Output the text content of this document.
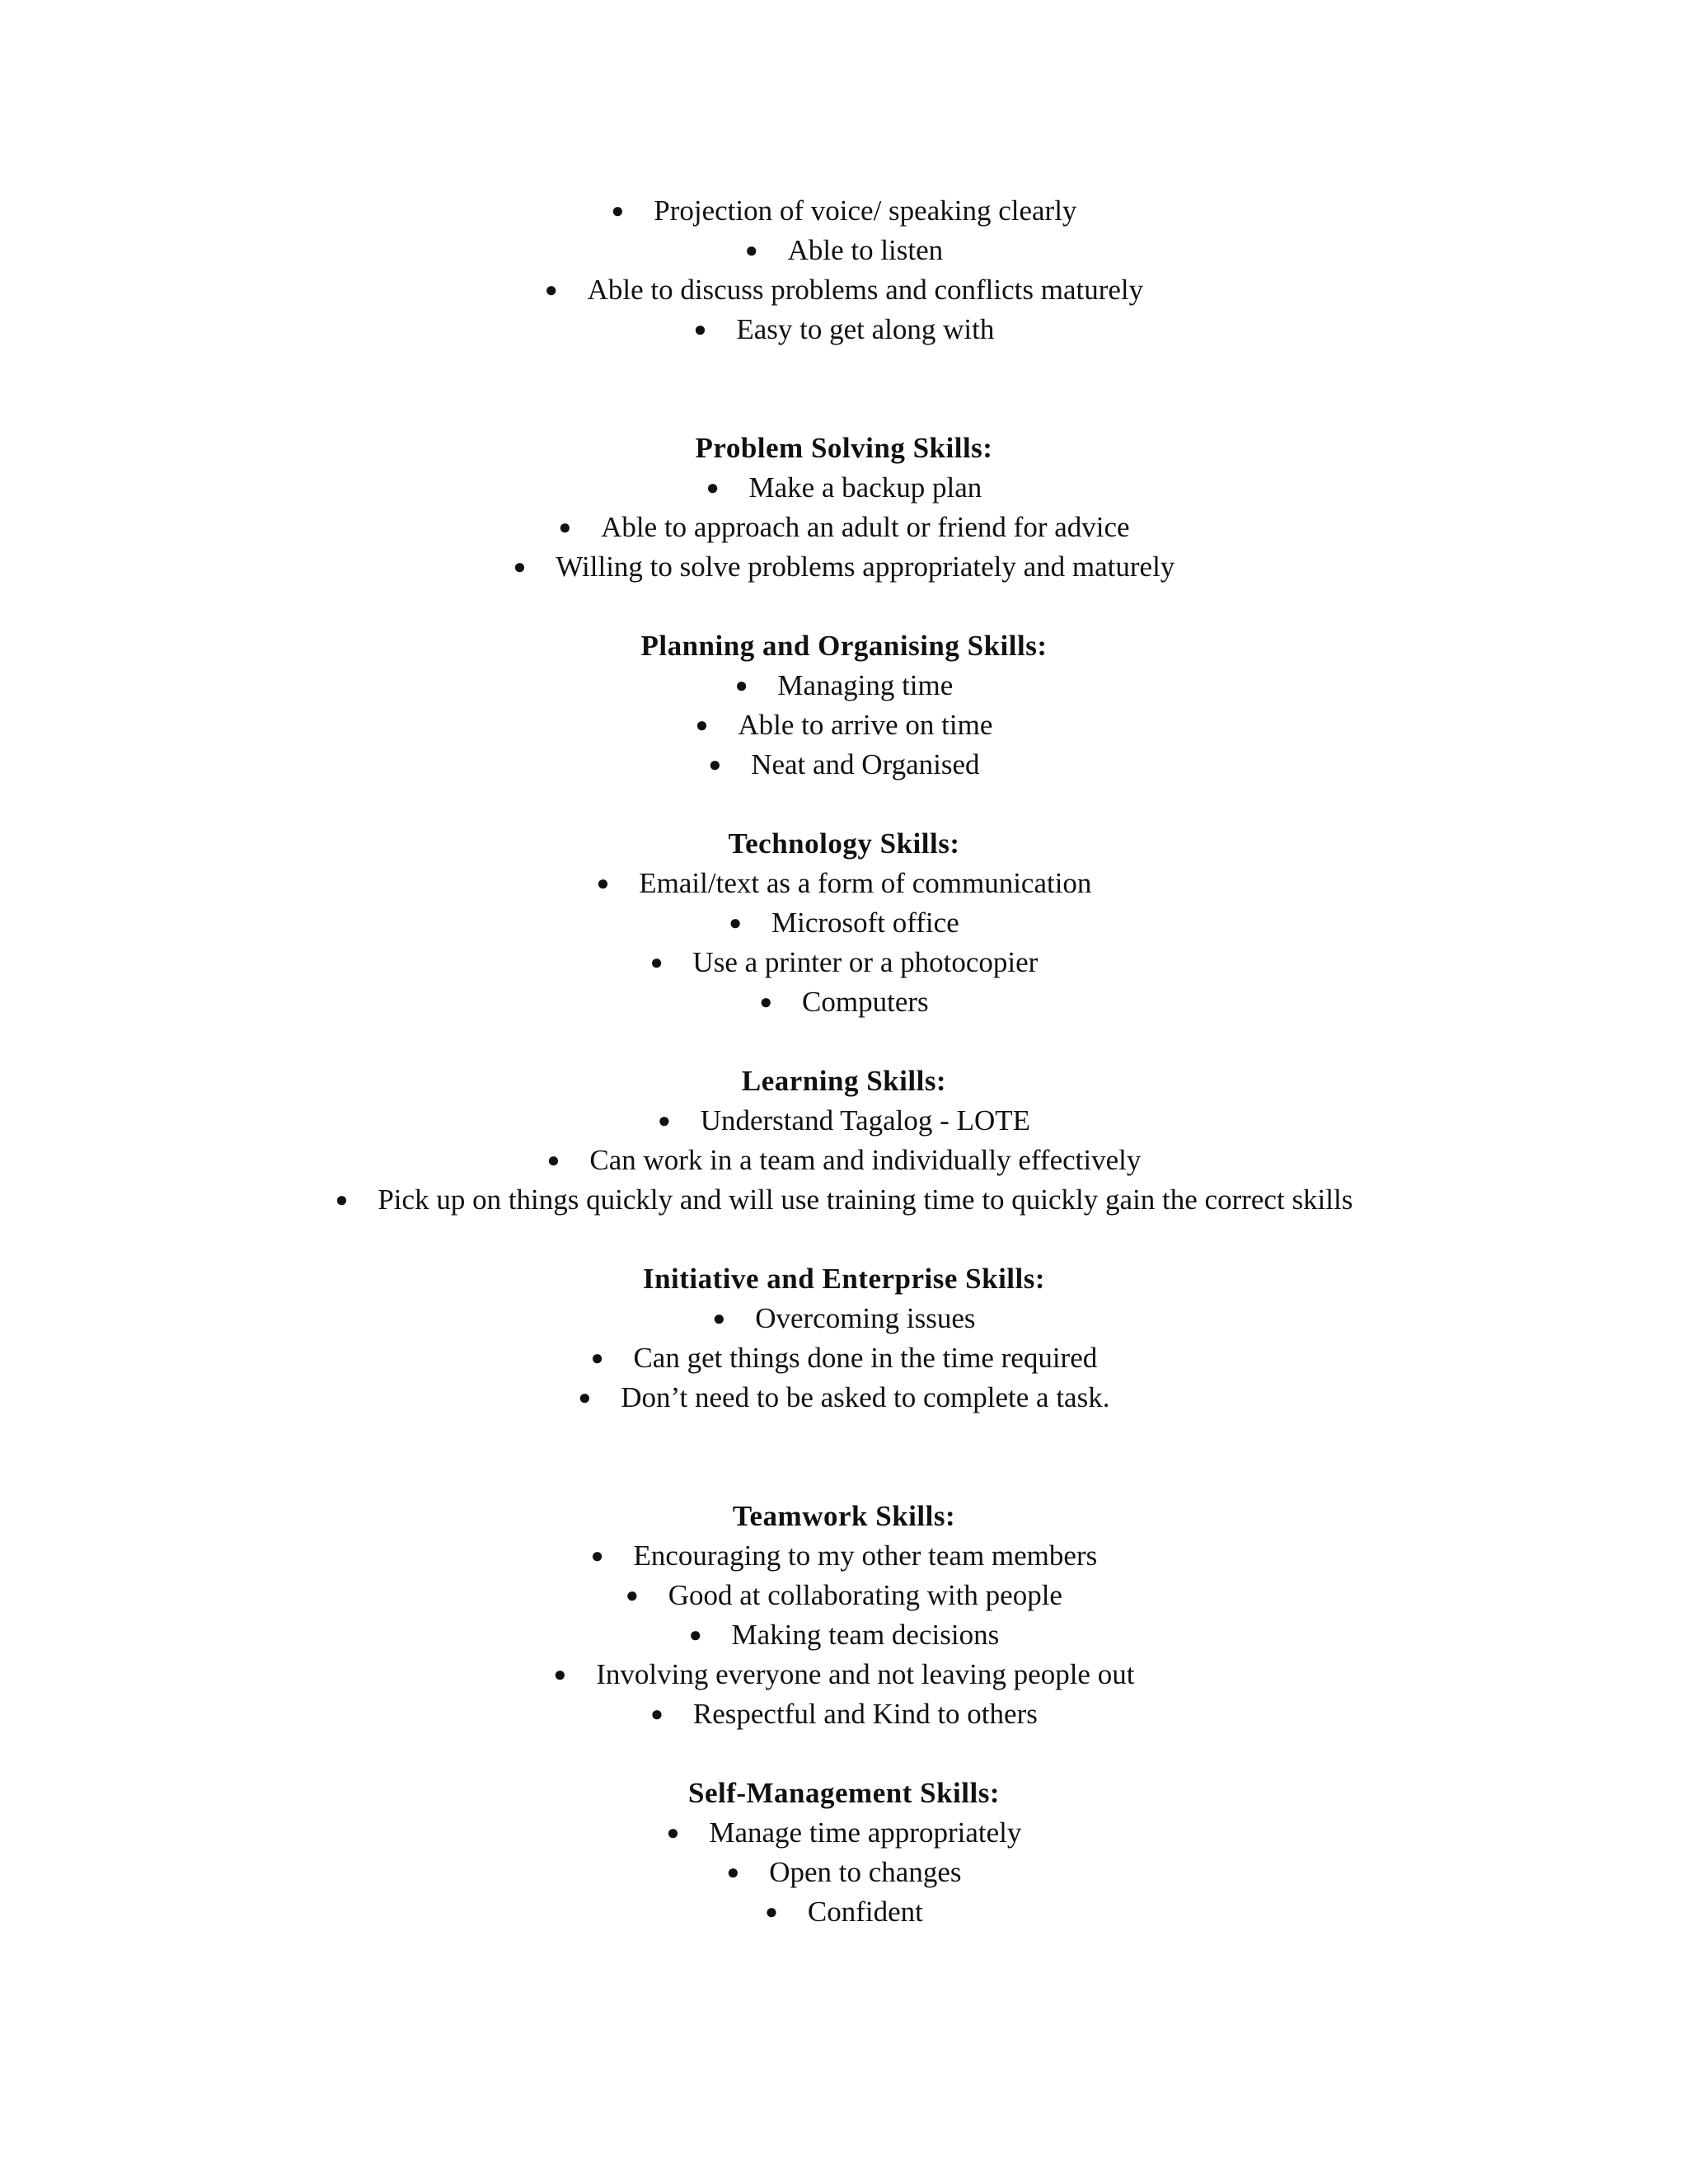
● Projection of voice/ speaking clearly
● Able to listen
● Able to discuss problems and conflicts maturely
● Easy to get along with
Problem Solving Skills:
● Make a backup plan
● Able to approach an adult or friend for advice
● Willing to solve problems appropriately and maturely
Planning and Organising Skills:
● Managing time
● Able to arrive on time
● Neat and Organised
Technology Skills:
● Email/text as a form of communication
● Microsoft office
● Use a printer or a photocopier
● Computers
Learning Skills:
● Understand Tagalog - LOTE
● Can work in a team and individually effectively
● Pick up on things quickly and will use training time to quickly gain the correct skills
Initiative and Enterprise Skills:
● Overcoming issues
● Can get things done in the time required
● Don’t need to be asked to complete a task.
Teamwork Skills:
● Encouraging to my other team members
● Good at collaborating with people
● Making team decisions
● Involving everyone and not leaving people out
● Respectful and Kind to others
Self-Management Skills:
● Manage time appropriately
● Open to changes
● Confident
